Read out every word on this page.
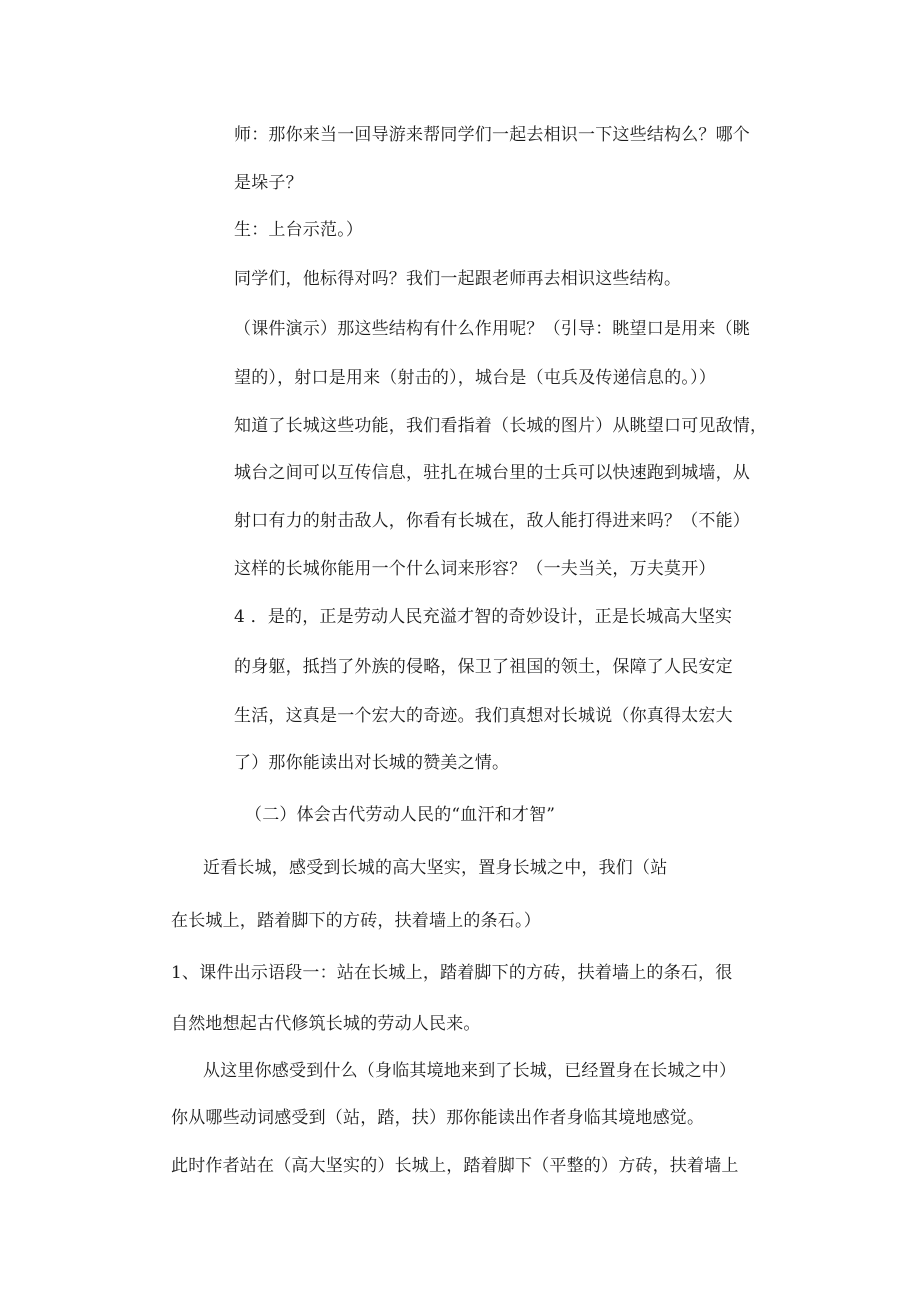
师：那你来当一回导游来帮同学们一起去相识一下这些结构么？哪个
是垛子？
生：上台示范。）
同学们，他标得对吗？我们一起跟老师再去相识这些结构。
（课件演示）那这些结构有什么作用呢？（引导：眺望口是用来（眺
望的），射口是用来（射击的），城台是（屯兵及传递信息的。））
知道了长城这些功能，我们看指着（长城的图片）从眺望口可见敌情，
城台之间可以互传信息，驻扎在城台里的士兵可以快速跑到城墙，从
射口有力的射击敌人，你看有长城在，敌人能打得进来吗？（不能）
这样的长城你能用一个什么词来形容？（一夫当关，万夫莫开）
4 ．是的，正是劳动人民充溢才智的奇妙设计，正是长城高大坚实
的身躯，抵挡了外族的侵略，保卫了祖国的领土，保障了人民安定
生活，这真是一个宏大的奇迹。我们真想对长城说（你真得太宏大
了）那你能读出对长城的赞美之情。
（二）体会古代劳动人民的“血汗和才智”
近看长城，感受到长城的高大坚实，置身长城之中，我们（站
在长城上，踏着脚下的方砖，扶着墙上的条石。）
1、课件出示语段一：站在长城上，踏着脚下的方砖，扶着墙上的条石，很
自然地想起古代修筑长城的劳动人民来。
从这里你感受到什么（身临其境地来到了长城，已经置身在长城之中）
你从哪些动词感受到（站，踏，扶）那你能读出作者身临其境地感觉。
此时作者站在（高大坚实的）长城上，踏着脚下（平整的）方砖，扶着墙上
